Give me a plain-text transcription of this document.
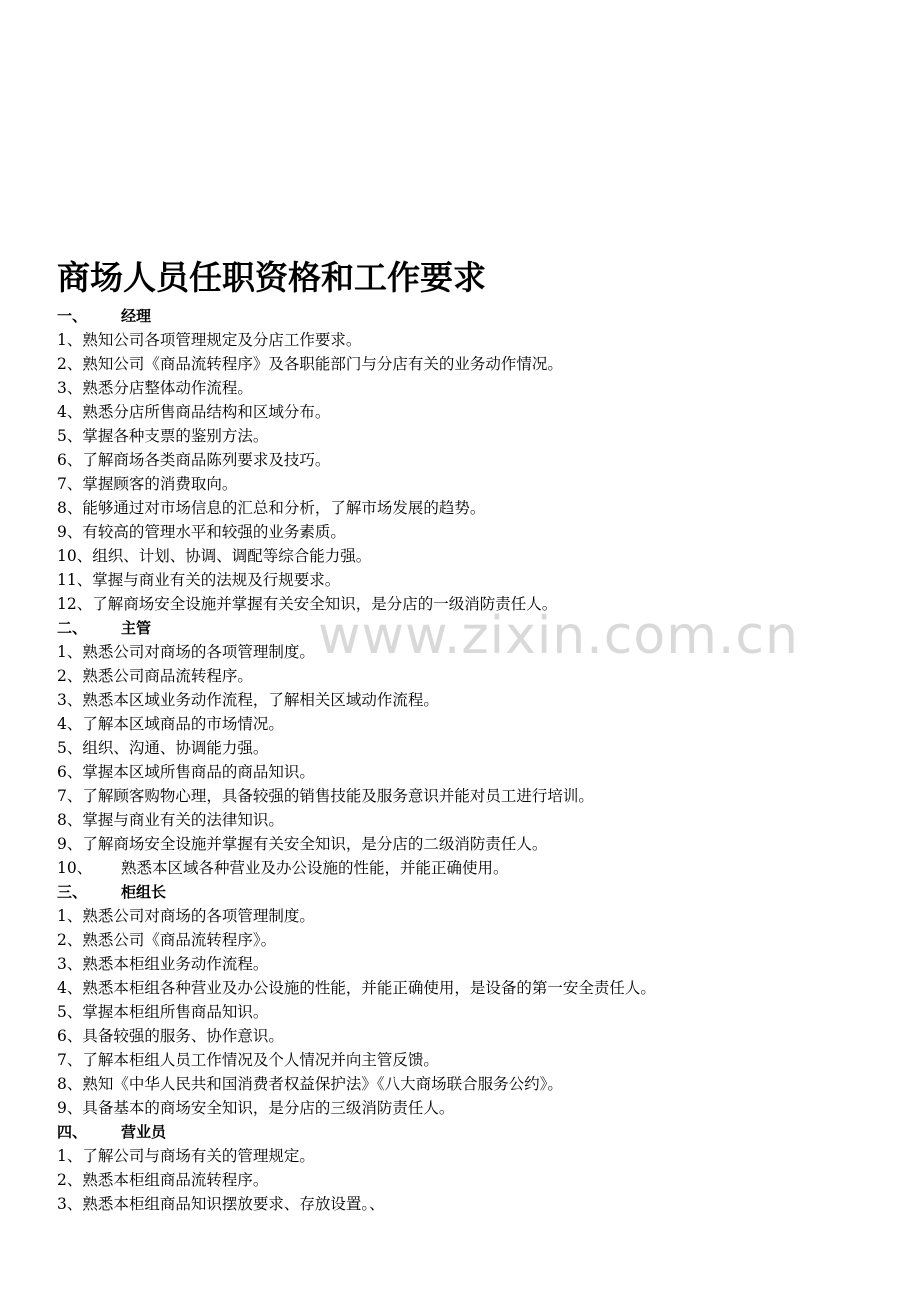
www.zixin.com.cn
商场人员任职资格和工作要求
一、 经理
1、熟知公司各项管理规定及分店工作要求。
2、熟知公司《商品流转程序》及各职能部门与分店有关的业务动作情况。
3、熟悉分店整体动作流程。
4、熟悉分店所售商品结构和区域分布。
5、掌握各种支票的鉴别方法。
6、了解商场各类商品陈列要求及技巧。
7、掌握顾客的消费取向。
8、能够通过对市场信息的汇总和分析，了解市场发展的趋势。
9、有较高的管理水平和较强的业务素质。
10、组织、计划、协调、调配等综合能力强。
11、掌握与商业有关的法规及行规要求。
12、了解商场安全设施并掌握有关安全知识，是分店的一级消防责任人。
二、 主管
1、熟悉公司对商场的各项管理制度。
2、熟悉公司商品流转程序。
3、熟悉本区域业务动作流程，了解相关区域动作流程。
4、了解本区域商品的市场情况。
5、组织、沟通、协调能力强。
6、掌握本区域所售商品的商品知识。
7、了解顾客购物心理，具备较强的销售技能及服务意识并能对员工进行培训。
8、掌握与商业有关的法律知识。
9、了解商场安全设施并掌握有关安全知识，是分店的二级消防责任人。
10、 熟悉本区域各种营业及办公设施的性能，并能正确使用。
三、 柜组长
1、熟悉公司对商场的各项管理制度。
2、熟悉公司《商品流转程序》。
3、熟悉本柜组业务动作流程。
4、熟悉本柜组各种营业及办公设施的性能，并能正确使用，是设备的第一安全责任人。
5、掌握本柜组所售商品知识。
6、具备较强的服务、协作意识。
7、了解本柜组人员工作情况及个人情况并向主管反馈。
8、熟知《中华人民共和国消费者权益保护法》《八大商场联合服务公约》。
9、具备基本的商场安全知识，是分店的三级消防责任人。
四、 营业员
1、了解公司与商场有关的管理规定。
2、熟悉本柜组商品流转程序。
3、熟悉本柜组商品知识摆放要求、存放设置。、
